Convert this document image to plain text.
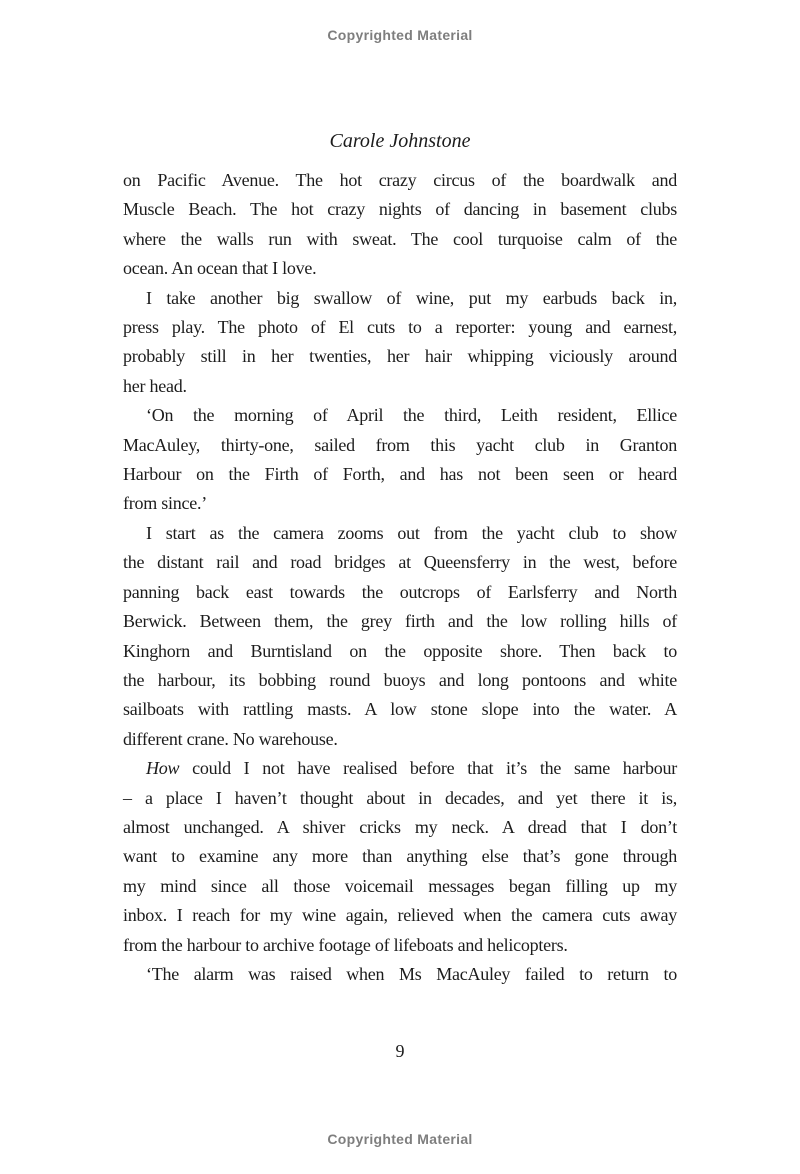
Copyrighted Material
Carole Johnstone
on Pacific Avenue. The hot crazy circus of the boardwalk and
Muscle Beach. The hot crazy nights of dancing in basement clubs
where the walls run with sweat. The cool turquoise calm of the
ocean. An ocean that I love.
I take another big swallow of wine, put my earbuds back in,
press play. The photo of El cuts to a reporter: young and earnest,
probably still in her twenties, her hair whipping viciously around
her head.
‘On the morning of April the third, Leith resident, Ellice
MacAuley, thirty-one, sailed from this yacht club in Granton
Harbour on the Firth of Forth, and has not been seen or heard
from since.’
I start as the camera zooms out from the yacht club to show
the distant rail and road bridges at Queensferry in the west, before
panning back east towards the outcrops of Earlsferry and North
Berwick. Between them, the grey firth and the low rolling hills of
Kinghorn and Burntisland on the opposite shore. Then back to
the harbour, its bobbing round buoys and long pontoons and white
sailboats with rattling masts. A low stone slope into the water. A
different crane. No warehouse.
How could I not have realised before that it’s the same harbour
– a place I haven’t thought about in decades, and yet there it is,
almost unchanged. A shiver cricks my neck. A dread that I don’t
want to examine any more than anything else that’s gone through
my mind since all those voicemail messages began filling up my
inbox. I reach for my wine again, relieved when the camera cuts away
from the harbour to archive footage of lifeboats and helicopters.
‘The alarm was raised when Ms MacAuley failed to return to
9
Copyrighted Material
